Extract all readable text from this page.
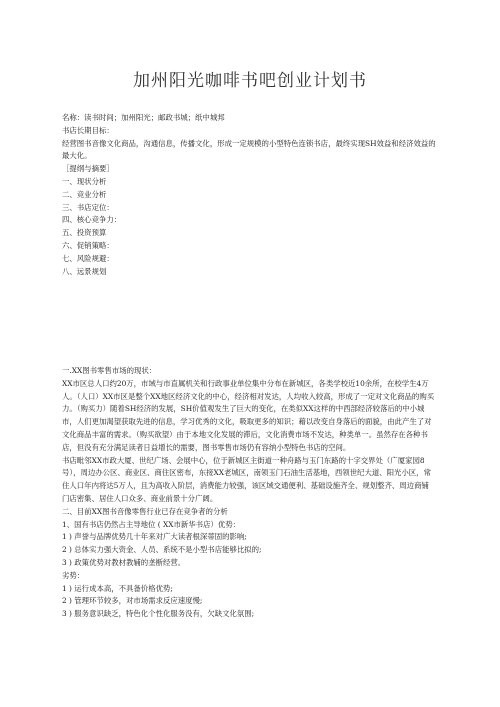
加州阳光咖啡书吧创业计划书
名称：读书时间；加州阳光；邮政书城；纸中城邦
书店长期目标：
经营图书音像文化商品，沟通信息，传播文化，形成一定规模的小型特色连锁书店，最终实现SH效益和经济效益的最大化。
［提纲与摘要］
一、现状分析
二、竞业分析
三、书店定位：
四、核心竞争力：
五、投资预算
六、促销策略：
七、风险规避：
八、远景规划
一.XX图书零售市场的现状：
XX市区总人口约20万，市域与市直属机关和行政事业单位集中分布在新城区，各类学校近10余所，在校学生4万人。（人口）XX市区是整个XX地区经济文化的中心，经济相对发达，人均收入较高，形成了一定对文化商品的购买力。（购买力）随着SH经济的发展，SH价值观发生了巨大的变化，在类似XX这样的中西部经济较落后的中小城市，人们更加渴望获取先进的信息，学习优秀的文化，吸取更多的知识；藉以改变自身落后的面貌，由此产生了对文化商品丰富的需求。（购买欲望）由于本地文化发展的滞后，文化消费市场不发达，种类单一。虽然存在各种书店，但没有充分满足读者日益增长的需要，图书零售市场仍有容纳小型特色书店的空间。
书店毗邻XX市政大厦、世纪广场、会展中心，位于新城区主街道一种舟路与玉门东路的十字交界处（广厦家园8号），周边办公区、商业区、商住区密布，东接XX老城区，南领玉门石油生活基地，西领世纪大道、阳光小区，常住人口年内将达5万人，且为高收入阶层，消费能力较强，该区域交通便利、基础设施齐全、规划整齐、周边商铺门店密集、居住人口众多、商业前景十分广阔。
二、目前XX图书音像零售行业已存在竞争者的分析
1、国有书店仍然占主导地位 ( XX市新华书店）优势：
1 ) 声誉与品牌优势几十年来对广大读者根深蒂固的影响;
2 ) 总体实力强大资金、人员、系统不是小型书店能够比拟的;
3 ) 政策优势对教材教辅的垄断经营。
劣势：
1 ) 运行成本高，不具备价格优势;
2 ) 管理环节较多，对市场需求反应速度慢;
3 ) 服务意识缺乏，特色化个性化服务没有，欠缺文化氛围;
